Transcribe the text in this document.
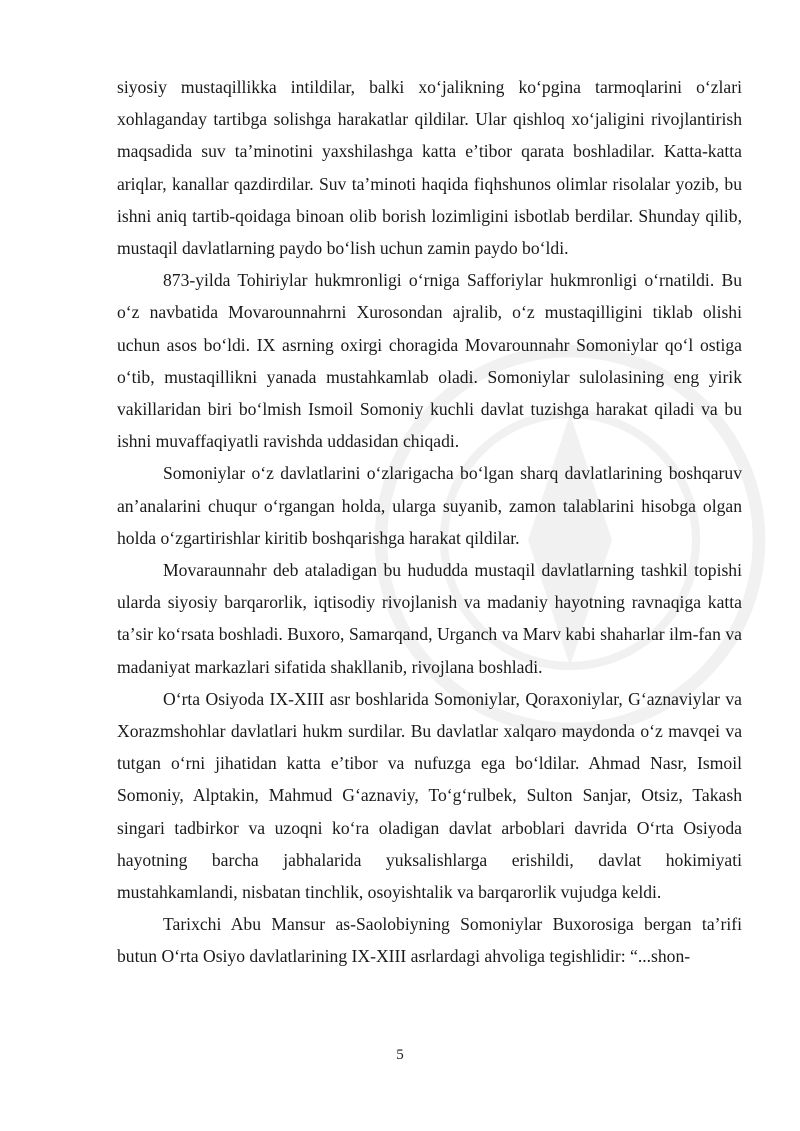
siyosiy mustaqillikka intildilar, balki xoʻjalikning koʻpgina tarmoqlarini oʻzlari xohlaganday tartibga solishga harakatlar qildilar. Ular qishloq xoʻjaligini rivojlantirish maqsadida suv taʼminotini yaxshilashga katta eʼtibor qarata boshladilar. Katta-katta ariqlar, kanallar qazdirdilar. Suv taʼminoti haqida fiqhshunos olimlar risolalar yozib, bu ishni aniq tartib-qoidaga binoan olib borish lozimligini isbotlab berdilar. Shunday qilib, mustaqil davlatlarning paydo boʻlish uchun zamin paydo boʻldi.

873-yilda Tohiriylar hukmronligi oʻrniga Safforiylar hukmronligi oʻrnatildi. Bu oʻz navbatida Movarounnahrni Xurosondan ajralib, oʻz mustaqilligini tiklab olishi uchun asos boʻldi. IX asrning oxirgi choragida Movarounnahr Somoniylar qoʻl ostiga oʻtib, mustaqillikni yanada mustahkamlab oladi. Somoniylar sulolasining eng yirik vakillaridan biri boʻlmish Ismoil Somoniy kuchli davlat tuzishga harakat qiladi va bu ishni muvaffaqiyatli ravishda uddasidan chiqadi.

Somoniylar oʻz davlatlarini oʻzlarigacha boʻlgan sharq davlatlarining boshqaruv anʼanalarini chuqur oʻrgangan holda, ularga suyanib, zamon talablarini hisobga olgan holda oʻzgartirishlar kiritib boshqarishga harakat qildilar.

Movaraunnahr deb ataladigan bu hududda mustaqil davlatlarning tashkil topishi ularda siyosiy barqarorlik, iqtisodiy rivojlanish va madaniy hayotning ravnaqiga katta taʼsir koʻrsata boshladi. Buxoro, Samarqand, Urganch va Marv kabi shaharlar ilm-fan va madaniyat markazlari sifatida shakllanib, rivojlana boshladi.

Oʻrta Osiyoda IX-XIII asr boshlarida Somoniylar, Qoraxoniylar, Gʻaznaviylar va Xorazmshohlar davlatlari hukm surdilar. Bu davlatlar xalqaro maydonda oʻz mavqei va tutgan oʻrni jihatidan katta eʼtibor va nufuzga ega boʻldilar. Ahmad Nasr, Ismoil Somoniy, Alptakin, Mahmud Gʻaznaviy, Toʻgʻrulbek, Sulton Sanjar, Otsiz, Takash singari tadbirkor va uzoqni koʻra oladigan davlat arboblari davrida Oʻrta Osiyoda hayotning barcha jabhalarida yuksalishlarga erishildi, davlat hokimiyati mustahkamlandi, nisbatan tinchlik, osoyishtalik va barqarorlik vujudga keldi.

Tarixchi Abu Mansur as-Saolobiyning Somoniylar Buxorosiga bergan taʼrifi butun Oʻrta Osiyo davlatlarining IX-XIII asrlardagi ahvoliga tegishlidir: “...shon-

5
